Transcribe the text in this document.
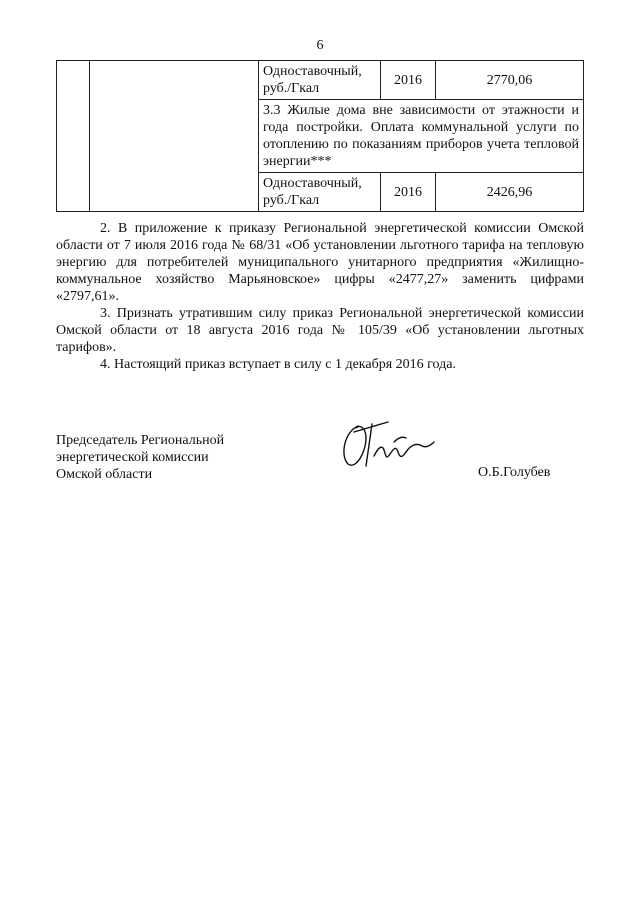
6
		Одноставочный, руб./Гкал	2016	2770,06
		3.3 Жилые дома вне зависимости от этажности и года постройки. Оплата коммунальной услуги по отоплению по показаниям приборов учета тепловой энергии***		
		Одноставочный, руб./Гкал	2016	2426,96

2. В приложение к приказу Региональной энергетической комиссии Омской области от 7 июля 2016 года № 68/31 «Об установлении льготного тарифа на тепловую энергию для потребителей муниципального унитарного предприятия «Жилищно-коммунальное хозяйство Марьяновское» цифры «2477,27» заменить цифрами «2797,61».

3. Признать утратившим силу приказ Региональной энергетической комиссии Омской области от 18 августа 2016 года № 105/39 «Об установлении льготных тарифов».

4. Настоящий приказ вступает в силу с 1 декабря 2016 года.

Председатель Региональной
энергетической комиссии
Омской области	О.Б.Голубев
